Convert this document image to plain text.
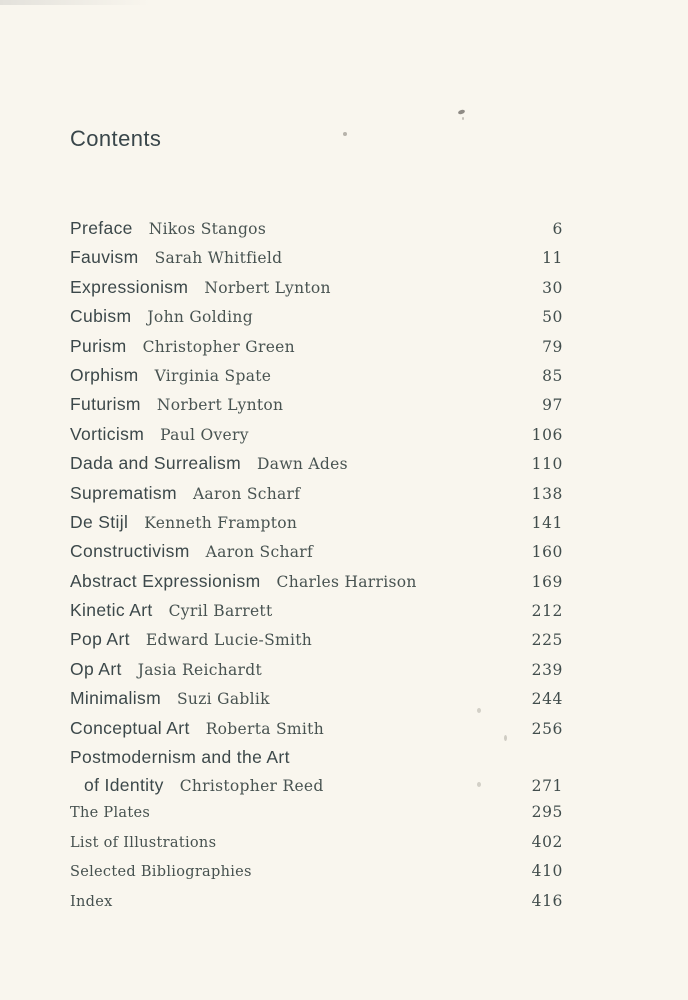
Contents
Preface Nikos Stangos	6
Fauvism Sarah Whitfield	11
Expressionism Norbert Lynton	30
Cubism John Golding	50
Purism Christopher Green	79
Orphism Virginia Spate	85
Futurism Norbert Lynton	97
Vorticism Paul Overy	106
Dada and Surrealism Dawn Ades	110
Suprematism Aaron Scharf	138
De Stijl Kenneth Frampton	141
Constructivism Aaron Scharf	160
Abstract Expressionism Charles Harrison	169
Kinetic Art Cyril Barrett	212
Pop Art Edward Lucie-Smith	225
Op Art Jasia Reichardt	239
Minimalism Suzi Gablik	244
Conceptual Art Roberta Smith	256
Postmodernism and the Art
of Identity Christopher Reed	271
The Plates	295
List of Illustrations	402
Selected Bibliographies	410
Index	416
